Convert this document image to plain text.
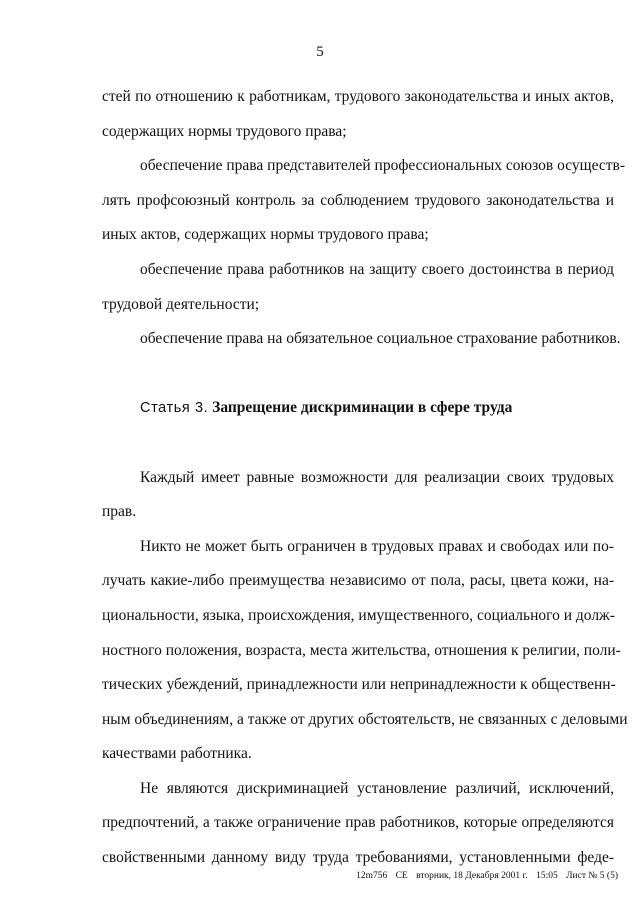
5
стей по отношению к работникам, трудового законодательства и иных актов,
содержащих нормы трудового права;
обеспечение права представителей профессиональных союзов осуществ-
лять профсоюзный контроль за соблюдением трудового законодательства и
иных актов, содержащих нормы трудового права;
обеспечение права работников на защиту своего достоинства в период
трудовой деятельности;
обеспечение права на обязательное социальное страхование работников.
Статья 3. Запрещение дискриминации в сфере труда
Каждый имеет равные возможности для реализации своих трудовых
прав.
Никто не может быть ограничен в трудовых правах и свободах или по-
лучать какие-либо преимущества независимо от пола, расы, цвета кожи, на-
циональности, языка, происхождения, имущественного, социального и долж-
ностного положения, возраста, места жительства, отношения к религии, поли-
тических убеждений, принадлежности или непринадлежности к общественн-
ным объединениям, а также от других обстоятельств, не связанных с деловыми
качествами работника.
Не являются дискриминацией установление различий, исключений,
предпочтений, а также ограничение прав работников, которые определяются
свойственными данному виду труда требованиями, установленными феде-
12m756 СЕ вторник, 18 Декабря 2001 г. 15:05 Лист № 5 (5)
